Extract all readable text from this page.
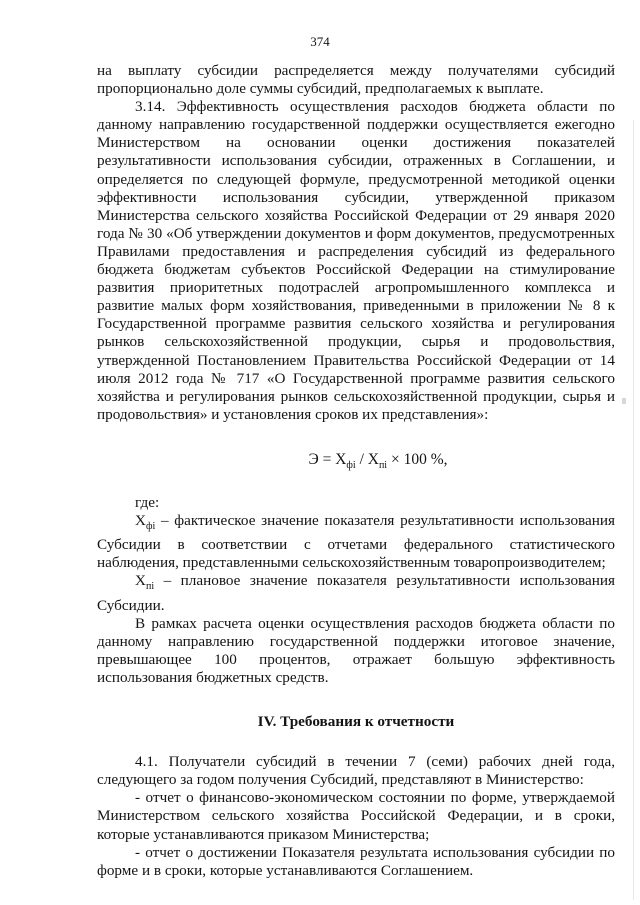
374

на выплату субсидии распределяется между получателями субсидий пропорционально доле суммы субсидий, предполагаемых к выплате.

3.14. Эффективность осуществления расходов бюджета области по данному направлению государственной поддержки осуществляется ежегодно Министерством на основании оценки достижения показателей результативности использования субсидии, отраженных в Соглашении, и определяется по следующей формуле, предусмотренной методикой оценки эффективности использования субсидии, утвержденной приказом Министерства сельского хозяйства Российской Федерации от 29 января 2020 года № 30 «Об утверждении документов и форм документов, предусмотренных Правилами предоставления и распределения субсидий из федерального бюджета бюджетам субъектов Российской Федерации на стимулирование развития приоритетных подотраслей агропромышленного комплекса и развитие малых форм хозяйствования, приведенными в приложении № 8 к Государственной программе развития сельского хозяйства и регулирования рынков сельскохозяйственной продукции, сырья и продовольствия, утвержденной Постановлением Правительства Российской Федерации от 14 июля 2012 года № 717 «О Государственной программе развития сельского хозяйства и регулирования рынков сельскохозяйственной продукции, сырья и продовольствия» и установления сроков их представления»:

$Э = Х_{фi} / Х_{пi} \times 100$ %,

где:

$Х_{фi}$ – фактическое значение показателя результативности использования Субсидии в соответствии с отчетами федерального статистического наблюдения, представленными сельскохозяйственным товаропроизводителем;

$Х_{пi}$ – плановое значение показателя результативности использования Субсидии.

В рамках расчета оценки осуществления расходов бюджета области по данному направлению государственной поддержки итоговое значение, превышающее 100 процентов, отражает большую эффективность использования бюджетных средств.

IV. Требования к отчетности

4.1. Получатели субсидий в течении 7 (семи) рабочих дней года, следующего за годом получения Субсидий, представляют в Министерство:

- отчет о финансово-экономическом состоянии по форме, утверждаемой Министерством сельского хозяйства Российской Федерации, и в сроки, которые устанавливаются приказом Министерства;

- отчет о достижении Показателя результата использования субсидии по форме и в сроки, которые устанавливаются Соглашением.
